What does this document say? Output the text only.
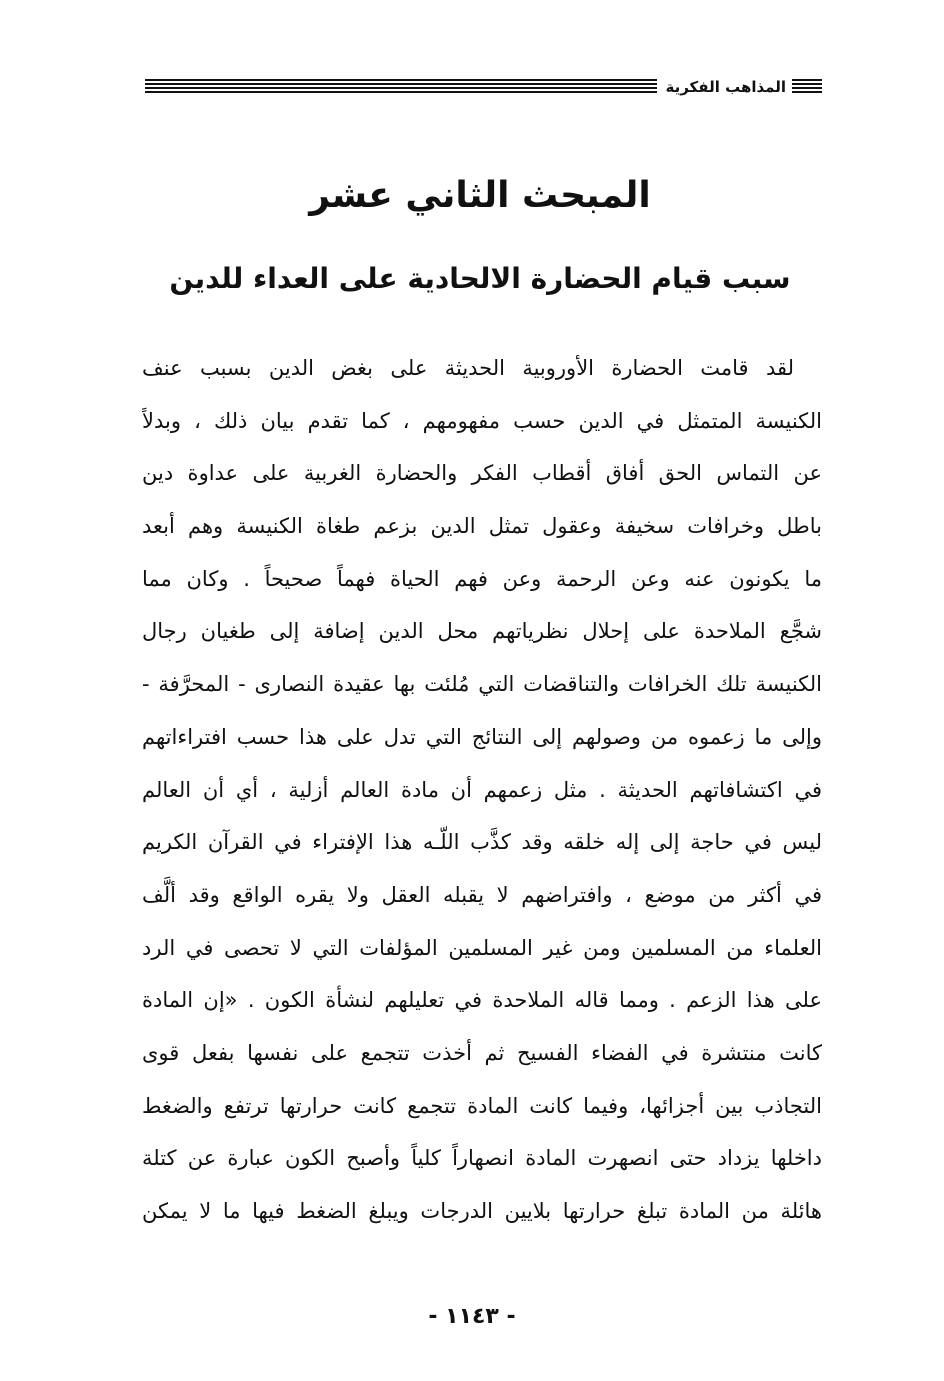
المذاهب الفكرية
المبحث الثاني عشر
سبب قيام الحضارة الالحادية على العداء للدين
لقد قامت الحضارة الأوروبية الحديثة على بغض الدين بسبب عنف
الكنيسة المتمثل في الدين حسب مفهومهم ، كما تقدم بيان ذلك ، وبدلاً
عن التماس الحق أفاق أقطاب الفكر والحضارة الغربية على عداوة دين
باطل وخرافات سخيفة وعقول تمثل الدين بزعم طغاة الكنيسة وهم أبعد
ما يكونون عنه وعن الرحمة وعن فهم الحياة فهماً صحيحاً . وكان مما
شجَّع الملاحدة على إحلال نظرياتهم محل الدين إضافة إلى طغيان رجال
الكنيسة تلك الخرافات والتناقضات التي مُلئت بها عقيدة النصارى - المحرَّفة -
وإلى ما زعموه من وصولهم إلى النتائج التي تدل على هذا حسب افتراءاتهم
في اكتشافاتهم الحديثة . مثل زعمهم أن مادة العالم أزلية ، أي أن العالم
ليس في حاجة إلى إله خلقه وقد كذَّب اللّـه هذا الإفتراء في القرآن الكريم
في أكثر من موضع ، وافتراضهم لا يقبله العقل ولا يقره الواقع وقد ألَّف
العلماء من المسلمين ومن غير المسلمين المؤلفات التي لا تحصى في الرد
على هذا الزعم . ومما قاله الملاحدة في تعليلهم لنشأة الكون . «إن المادة
كانت منتشرة في الفضاء الفسيح ثم أخذت تتجمع على نفسها بفعل قوى
التجاذب بين أجزائها، وفيما كانت المادة تتجمع كانت حرارتها ترتفع والضغط
داخلها يزداد حتى انصهرت المادة انصهاراً كلياً وأصبح الكون عبارة عن كتلة
هائلة من المادة تبلغ حرارتها بلايين الدرجات ويبلغ الضغط فيها ما لا يمكن
- ١١٤٣ -
